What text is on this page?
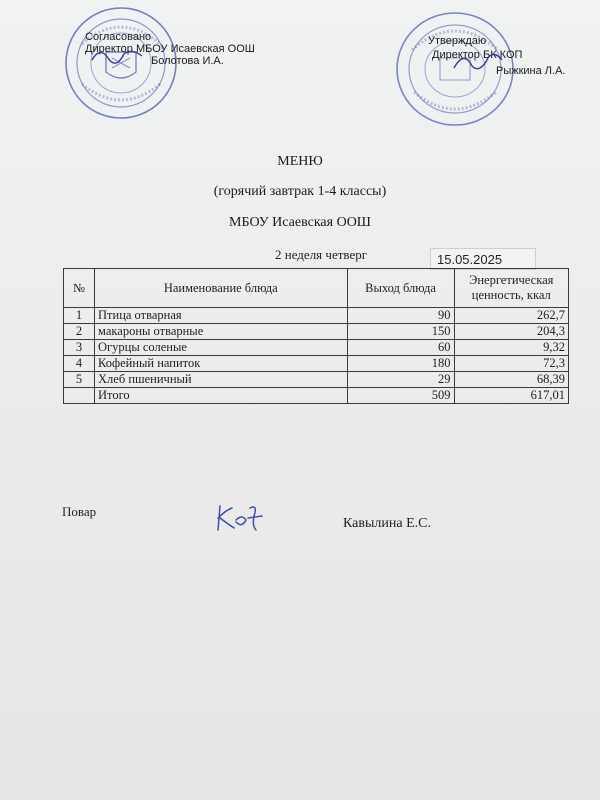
Согласовано
Директор МБОУ Исаевская ООШ
Болотова И.А.
Утверждаю
Директор БК КОП
Рыжкина Л.А.
МЕНЮ
(горячий завтрак 1-4 классы)
МБОУ Исаевская ООШ
2 неделя четверг	15.05.2025
№	Наименование блюда	Выход блюда	Энергетическая ценность, ккал
1	Птица отварная	90	262,7
2	макароны отварные	150	204,3
3	Огурцы соленые	60	9,32
4	Кофейный напиток	180	72,3
5	Хлеб пшеничный	29	68,39
	Итого	509	617,01
Повар
Кавылина Е.С.
